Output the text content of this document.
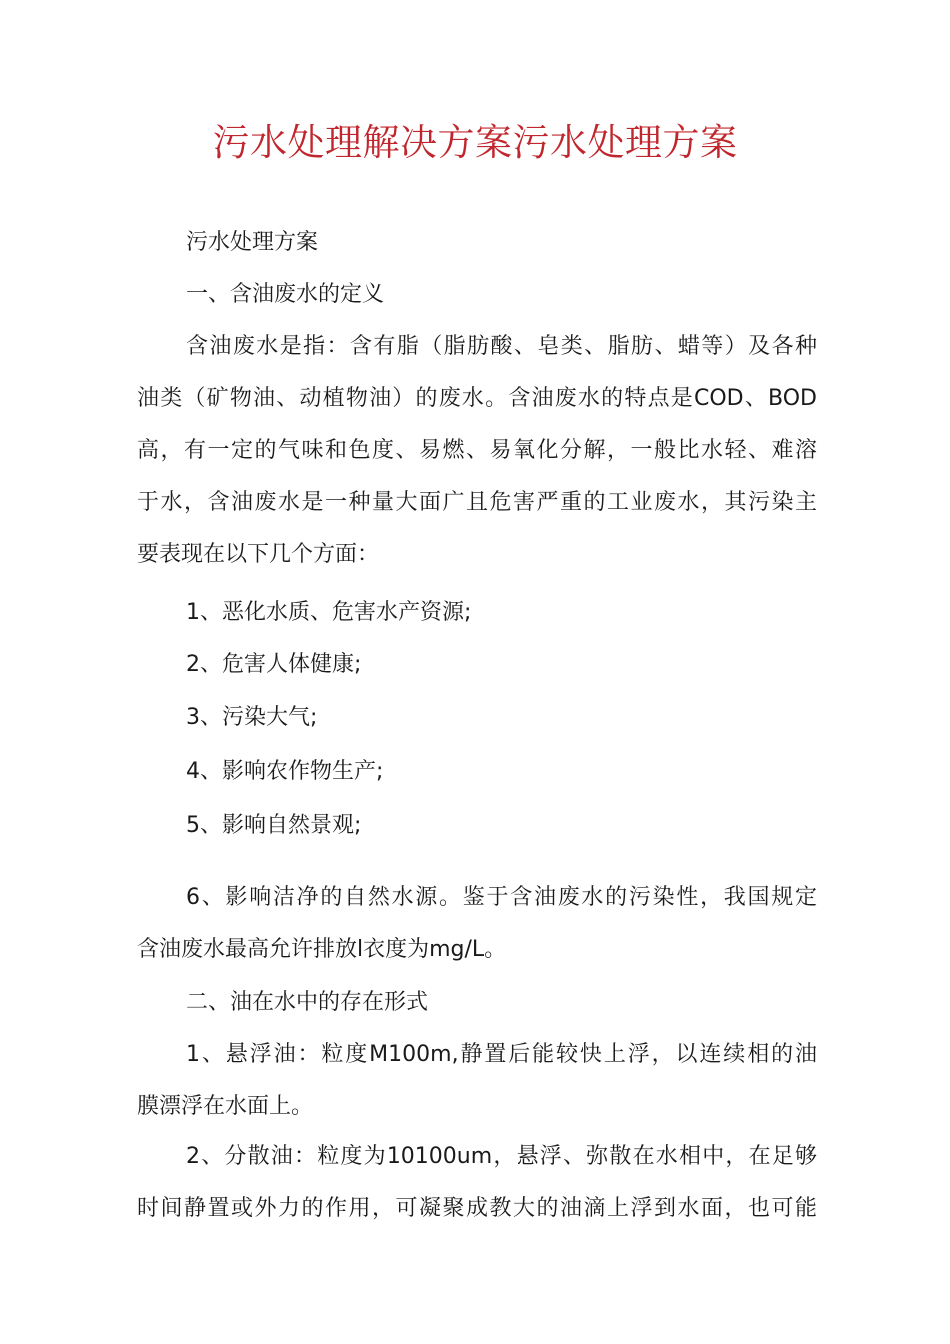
污水处理解决方案污水处理方案
污水处理方案
一、含油废水的定义
含油废水是指：含有脂（脂肪酸、皂类、脂肪、蜡等）及各种
油类（矿物油、动植物油）的废水。含油废水的特点是COD、BOD
高，有一定的气味和色度、易燃、易氧化分解，一般比水轻、难溶
于水，含油废水是一种量大面广且危害严重的工业废水，其污染主
要表现在以下几个方面：
1、恶化水质、危害水产资源;
2、危害人体健康;
3、污染大气;
4、影响农作物生产;
5、影响自然景观;
6、影响洁净的自然水源。鉴于含油废水的污染性，我国规定
含油废水最高允许排放l衣度为mg/L。
二、油在水中的存在形式
1、悬浮油：粒度M100m,静置后能较快上浮，以连续相的油
膜漂浮在水面上。
2、分散油：粒度为10100um，悬浮、弥散在水相中，在足够
时间静置或外力的作用，可凝聚成教大的油滴上浮到水面，也可能
